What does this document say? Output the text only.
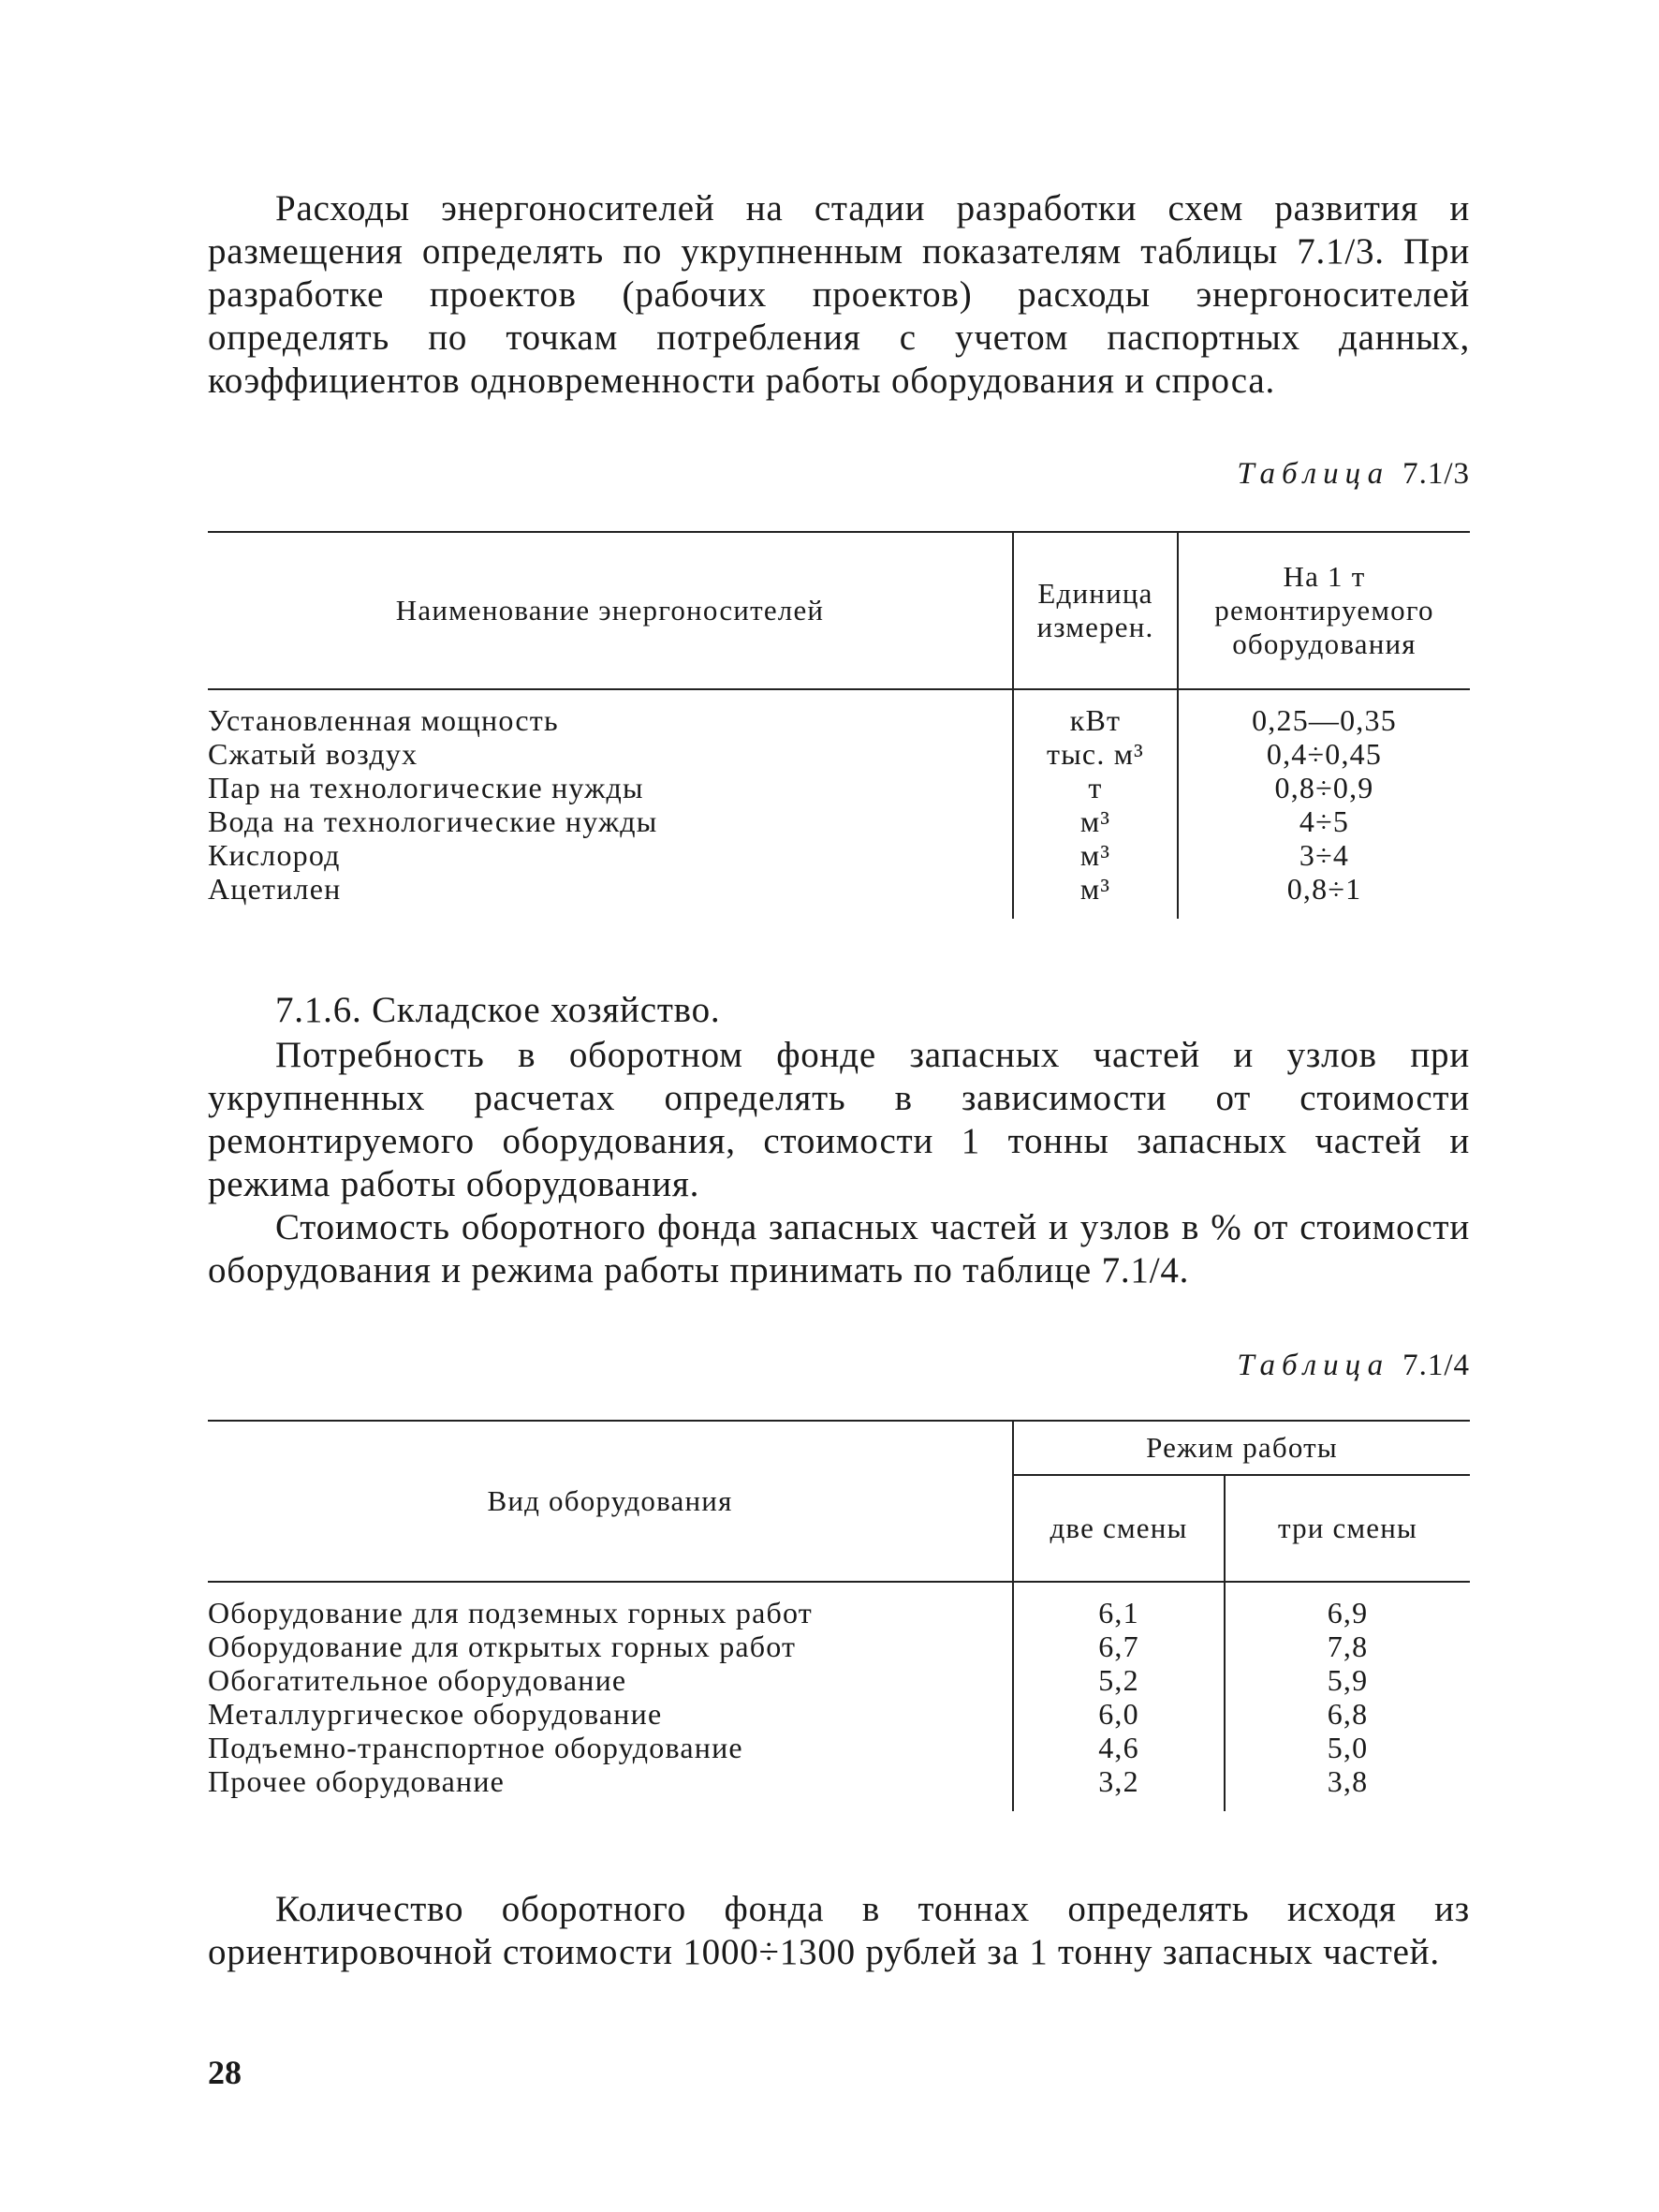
Расходы энергоносителей на стадии разработки схем развития и размещения определять по укрупненным показателям таблицы 7.1/3. При разработке проектов (рабочих проектов) расходы энергоносителей определять по точкам потребления с учетом паспортных данных, коэффициентов одновременности работы оборудования и спроса.

Таблица 7.1/3
Наименование энергоносителей	Единица измерен.	На 1 т ремонтируемого оборудования

Установленная мощность	кВт	0,25—0,35
Сжатый воздух	тыс. м³	0,4÷0,45
Пар на технологические нужды	т	0,8÷0,9
Вода на технологические нужды	м³	4÷5
Кислород	м³	3÷4
Ацетилен	м³	0,8÷1

7.1.6. Складское хозяйство.

Потребность в оборотном фонде запасных частей и узлов при укрупненных расчетах определять в зависимости от стоимости ремонтируемого оборудования, стоимости 1 тонны запасных частей и режима работы оборудования.

Стоимость оборотного фонда запасных частей и узлов в % от стоимости оборудования и режима работы принимать по таблице 7.1/4.

Таблица 7.1/4
Вид оборудования	Режим работы	
	две смены	три смены

Оборудование для подземных горных работ	6,1	6,9
Оборудование для открытых горных работ	6,7	7,8
Обогатительное оборудование	5,2	5,9
Металлургическое оборудование	6,0	6,8
Подъемно-транспортное оборудование	4,6	5,0
Прочее оборудование	3,2	3,8

Количество оборотного фонда в тоннах определять исходя из ориентировочной стоимости 1000÷1300 рублей за 1 тонну запасных частей.

28
